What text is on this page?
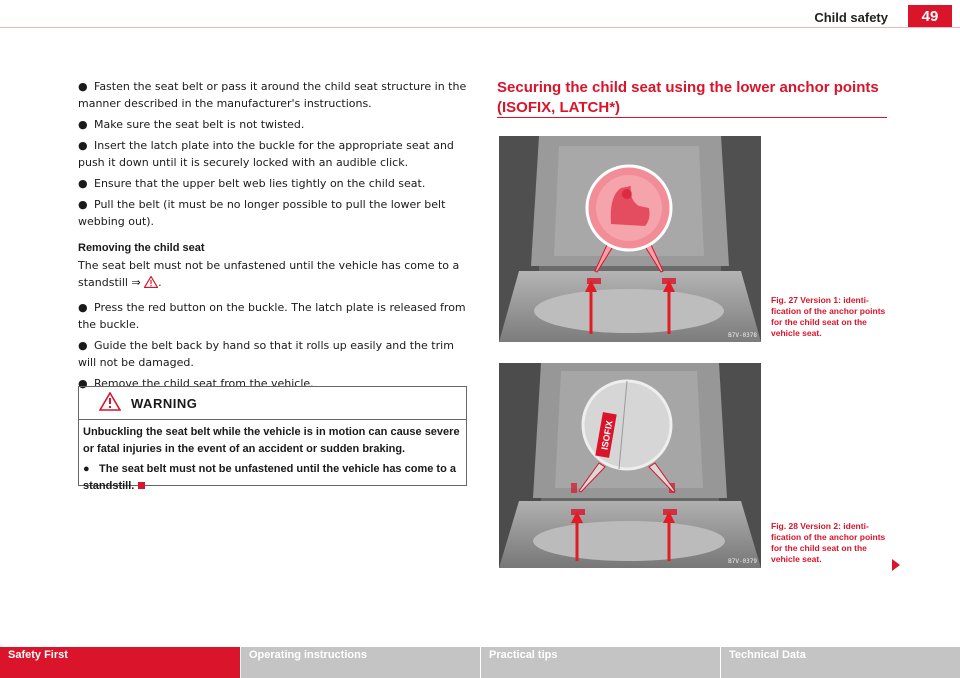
Child safety	49
● Fasten the seat belt or pass it around the child seat structure in the manner described in the manufacturer's instructions.
● Make sure the seat belt is not twisted.
● Insert the latch plate into the buckle for the appropriate seat and push it down until it is securely locked with an audible click.
● Ensure that the upper belt web lies tightly on the child seat.
● Pull the belt (it must be no longer possible to pull the lower belt webbing out).
Removing the child seat
The seat belt must not be unfastened until the vehicle has come to a standstill ⇒ .
● Press the red button on the buckle. The latch plate is released from the buckle.
● Guide the belt back by hand so that it rolls up easily and the trim will not be damaged.
● Remove the child seat from the vehicle.
WARNING
Unbuckling the seat belt while the vehicle is in motion can cause severe or fatal injuries in the event of an accident or sudden braking.
● The seat belt must not be unfastened until the vehicle has come to a standstill.
Securing the child seat using the lower anchor points (ISOFIX, LATCH*)
B7V-0378
Fig. 27 Version 1: identi- fication of the anchor points for the child seat on the vehicle seat.
ISOFIX
B7V-0379
Fig. 28 Version 2: identi- fication of the anchor points for the child seat on the vehicle seat.
Safety First	Operating instructions	Practical tips	Technical Data
